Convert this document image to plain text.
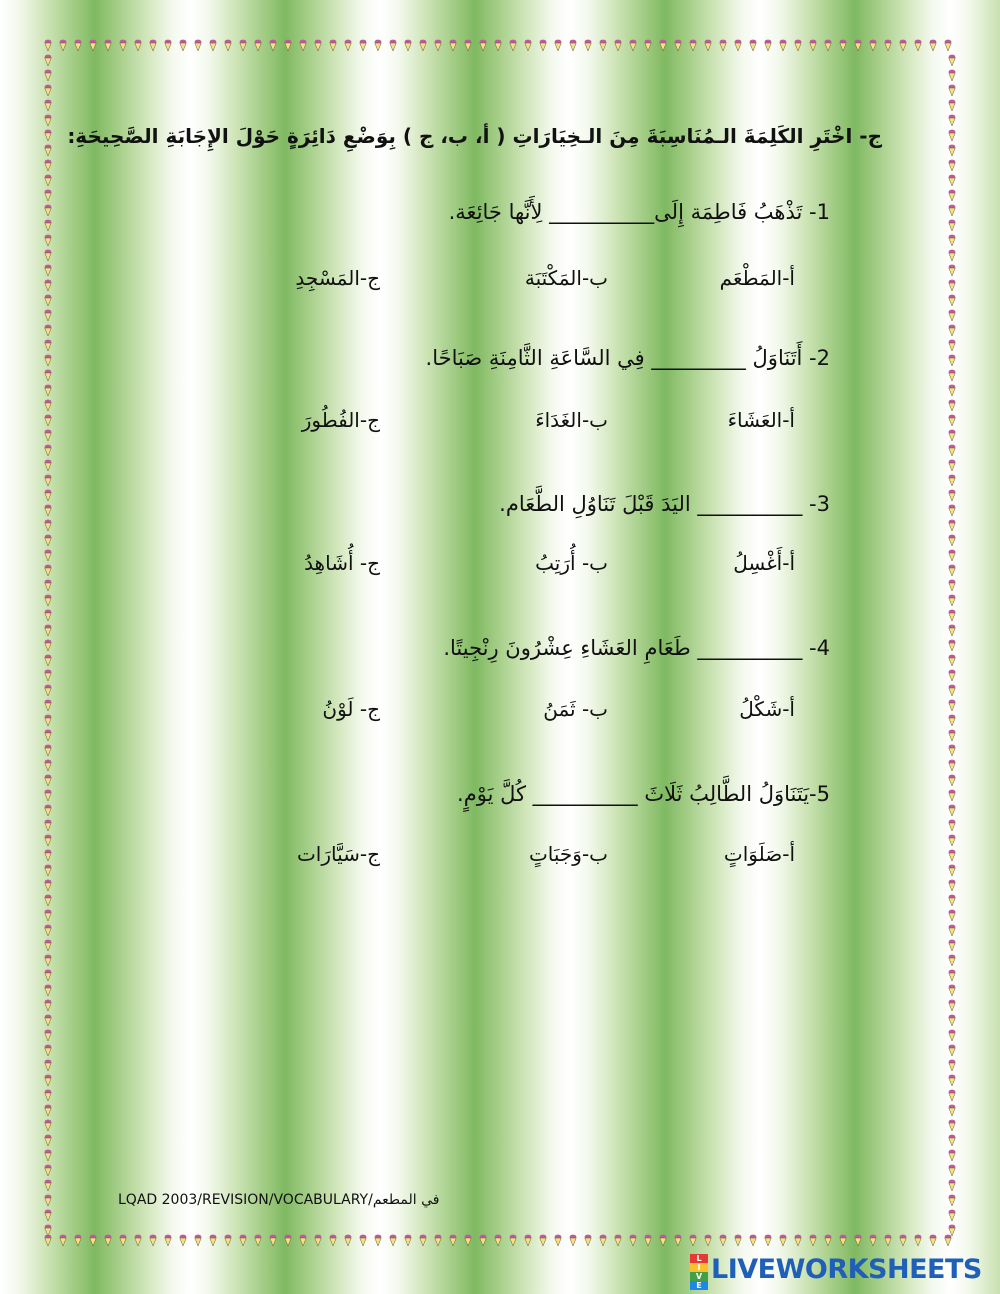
ج- اخْتَرِ الكَلِمَةَ الـمُنَاسِبَةَ مِنَ الـخِيَارَاتِ ( أ، ب، ج ) بِوَضْعِ دَائِرَةٍ حَوْلَ الإِجَابَةِ الصَّحِيحَةِ:
1- تَذْهَبُ فَاطِمَة إِلَى__________ لِأَنَّها جَائِعَة.
أ-المَطْعَم
ب-المَكْتَبَة
ج-المَسْجِدِ
2- أَتَنَاوَلُ _________ فِي السَّاعَةِ الثَّامِنَةِ صَبَاحًا.
أ-العَشَاءَ
ب-الغَدَاءَ
ج-الفُطُورَ
3- __________ اليَدَ قَبْلَ تَنَاوُلِ الطَّعَام.
أ-أَغْسِلُ
ب- أُرَتِبُ
ج- أُشَاهِدُ
4- __________ طَعَامِ العَشَاءِ عِشْرُونَ رِنْجِيتًا.
أ-شَكْلُ
ب- ثَمَنُ
ج- لَوْنُ
5-يَتَنَاوَلُ الطَّالِبُ ثَلَاثَ __________ كُلَّ يَوْمٍ.
أ-صَلَوَاتٍ
ب-وَجَبَاتٍ
ج-سَيَّارَات
LQAD 2003/REVISION/VOCABULARY/في المطعم
L
I
V
E
LIVEWORKSHEETS
